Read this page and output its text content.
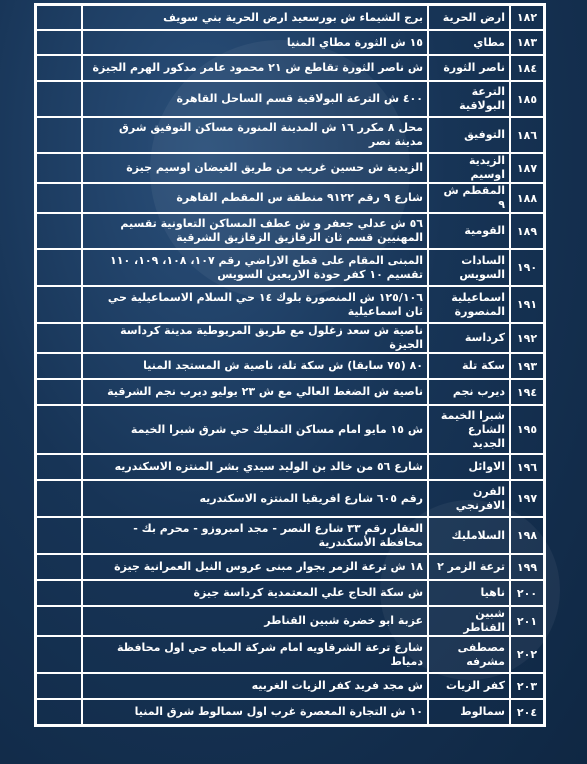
١٨٢	ارض الحرية	برج الشيماء ش بورسعيد ارض الحرية بني سويف	
١٨٣	مطاي	١٥ ش الثورة مطاي المنيا	
١٨٤	ناصر الثورة	ش ناصر الثورة تقاطع ش ٢١ محمود عامر مدكور الهرم الجيزة	
١٨٥	الترعة البولاقية	٤٠٠ ش الترعة البولاقية قسم الساحل القاهرة	
١٨٦	التوفيق	محل ٨ مكرر ١٦ ش المدينة المنورة مساكن التوفيق شرق مدينة نصر	
١٨٧	الزيدية اوسيم	الزيدية ش حسين غريب من طريق الغيضان اوسيم جيزة	
١٨٨	المقطم ش ٩	شارع ٩ رقم ٩١٢٢ منطقة س المقطم القاهرة	
١٨٩	القومية	٥٦ ش عدلي جعفر و ش عطف المساكن التعاونية تقسيم المهنيين قسم ثان الزقازيق الزقازيق الشرقية	
١٩٠	السادات السويس	المبنى المقام على قطع الاراضي رقم ١٠٧، ١٠٨، ١٠٩، ١١٠ تقسيم ١٠ كفر حودة الاربعين السويس	
١٩١	اسماعيلية المنصورة	١٢٥/١٠٦ ش المنصورة بلوك ١٤ حي السلام الاسماعيلية حي ثان اسماعيلية	
١٩٢	كرداسة	ناصية ش سعد زغلول مع طريق المريوطية مدينة كرداسة الجيزة	
١٩٣	سكة تلة	٨٠ (٧٥ سابقا) ش سكة تلة، ناصية ش المستجد المنيا	
١٩٤	ديرب نجم	ناصية ش الضغط العالي مع ش ٢٣ يوليو ديرب نجم الشرقية	
١٩٥	شبرا الخيمة الشارع الجديد	ش ١٥ مايو امام مساكن التمليك حي شرق شبرا الخيمة	
١٩٦	الاوائل	شارع ٥٦ من خالد بن الوليد سيدي بشر المنتزه الاسكندريه	
١٩٧	الفرن الافرنجي	رقم ٦٠٥ شارع افريقيا المنتزه الاسكندريه	
١٩٨	السلامليك	العقار رقم ٣٣ شارع النصر - مجد امبروزو - محرم بك - محافظة الأسكندرية	
١٩٩	ترعة الزمر ٢	١٨ ش ترعة الزمر بجوار مبنى عروس النيل العمرانية جيزة	
٢٠٠	ناهيا	ش سكة الحاج علي المعتمدية كرداسة جيزة	
٢٠١	شبين القناطر	عزبة ابو خضرة شبين القناطر	
٢٠٢	مصطفى مشرفه	شارع ترعة الشرقاويه امام شركة المياه حي اول محافظة دمياط	
٢٠٣	كفر الزيات	ش مجد فريد كفر الزيات الغربيه	
٢٠٤	سمالوط	١٠ ش التجارة المعصرة غرب اول سمالوط شرق المنيا	
